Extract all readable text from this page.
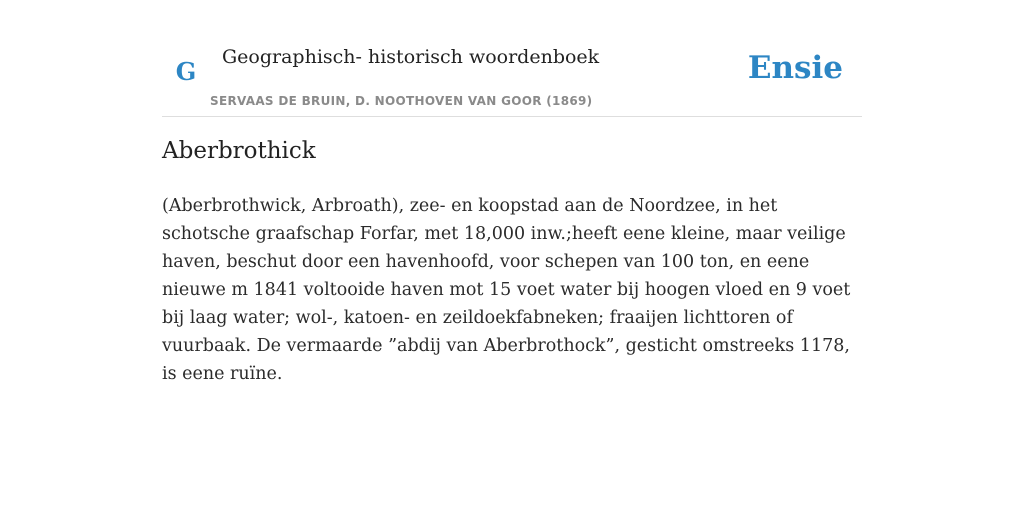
G	Geographisch- historisch woordenboek
SERVAAS DE BRUIN, D. NOOTHOVEN VAN GOOR (1869)
Ensie
Aberbrothick

(Aberbrothwick, Arbroath), zee- en koopstad aan de Noordzee, in het schotsche graafschap Forfar, met 18,000 inw.;heeft eene kleine, maar veilige haven, beschut door een havenhoofd, voor schepen van 100 ton, en eene nieuwe m 1841 voltooide haven mot 15 voet water bij hoogen vloed en 9 voet bij laag water; wol-, katoen- en zeildoekfabneken; fraaijen lichttoren of vuurbaak. De vermaarde ”abdij van Aberbrothock”, gesticht omstreeks 1178, is eene ruïne.
